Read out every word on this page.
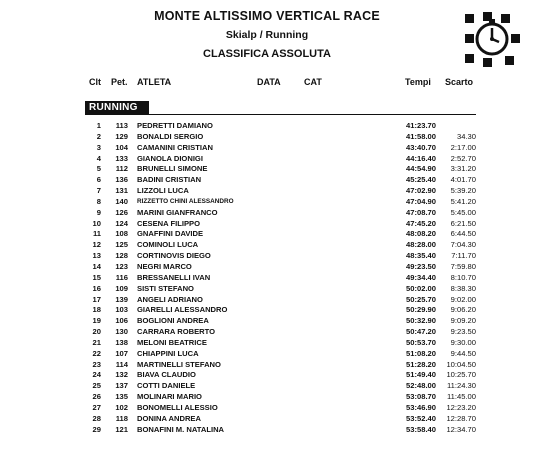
MONTE ALTISSIMO VERTICAL RACE
Skialp / Running
CLASSIFICA ASSOLUTA
Clt Pet. ATLETA	DATA	CAT	Tempi Scarto
RUNNING
1	113 PEDRETTI DAMIANO	41:23.70
2	129 BONALDI SERGIO	41:58.00	34.30
3	104 CAMANINI CRISTIAN	43:40.70	2:17.00
4	133 GIANOLA DIONIGI	44:16.40	2:52.70
5	112 BRUNELLI SIMONE	44:54.90	3:31.20
6	136 BADINI CRISTIAN	45:25.40	4:01.70
7	131 LIZZOLI LUCA	47:02.90	5:39.20
8	140 RIZZETTO CHINI ALESSANDRO	47:04.90	5:41.20
9	126 MARINI GIANFRANCO	47:08.70	5:45.00
10	124 CESENA FILIPPO	47:45.20	6:21.50
11	108 GNAFFINI DAVIDE	48:08.20	6:44.50
12	125 COMINOLI LUCA	48:28.00	7:04.30
13	128 CORTINOVIS DIEGO	48:35.40	7:11.70
14	123 NEGRI MARCO	49:23.50	7:59.80
15	116 BRESSANELLI IVAN	49:34.40	8:10.70
16	109 SISTI STEFANO	50:02.00	8:38.30
17	139 ANGELI ADRIANO	50:25.70	9:02.00
18	103 GIARELLI ALESSANDRO	50:29.90	9:06.20
19	106 BOGLIONI ANDREA	50:32.90	9:09.20
20	130 CARRARA ROBERTO	50:47.20	9:23.50
21	138 MELONI BEATRICE	50:53.70	9:30.00
22	107 CHIAPPINI LUCA	51:08.20	9:44.50
23	114 MARTINELLI STEFANO	51:28.20	10:04.50
24	132 BIAVA CLAUDIO	51:49.40	10:25.70
25	137 COTTI DANIELE	52:48.00	11:24.30
26	135 MOLINARI MARIO	53:08.70	11:45.00
27	102 BONOMELLI ALESSIO	53:46.90	12:23.20
28	118 DONINA ANDREA	53:52.40	12:28.70
29	121 BONAFINI M. NATALINA	53:58.40	12:34.70
